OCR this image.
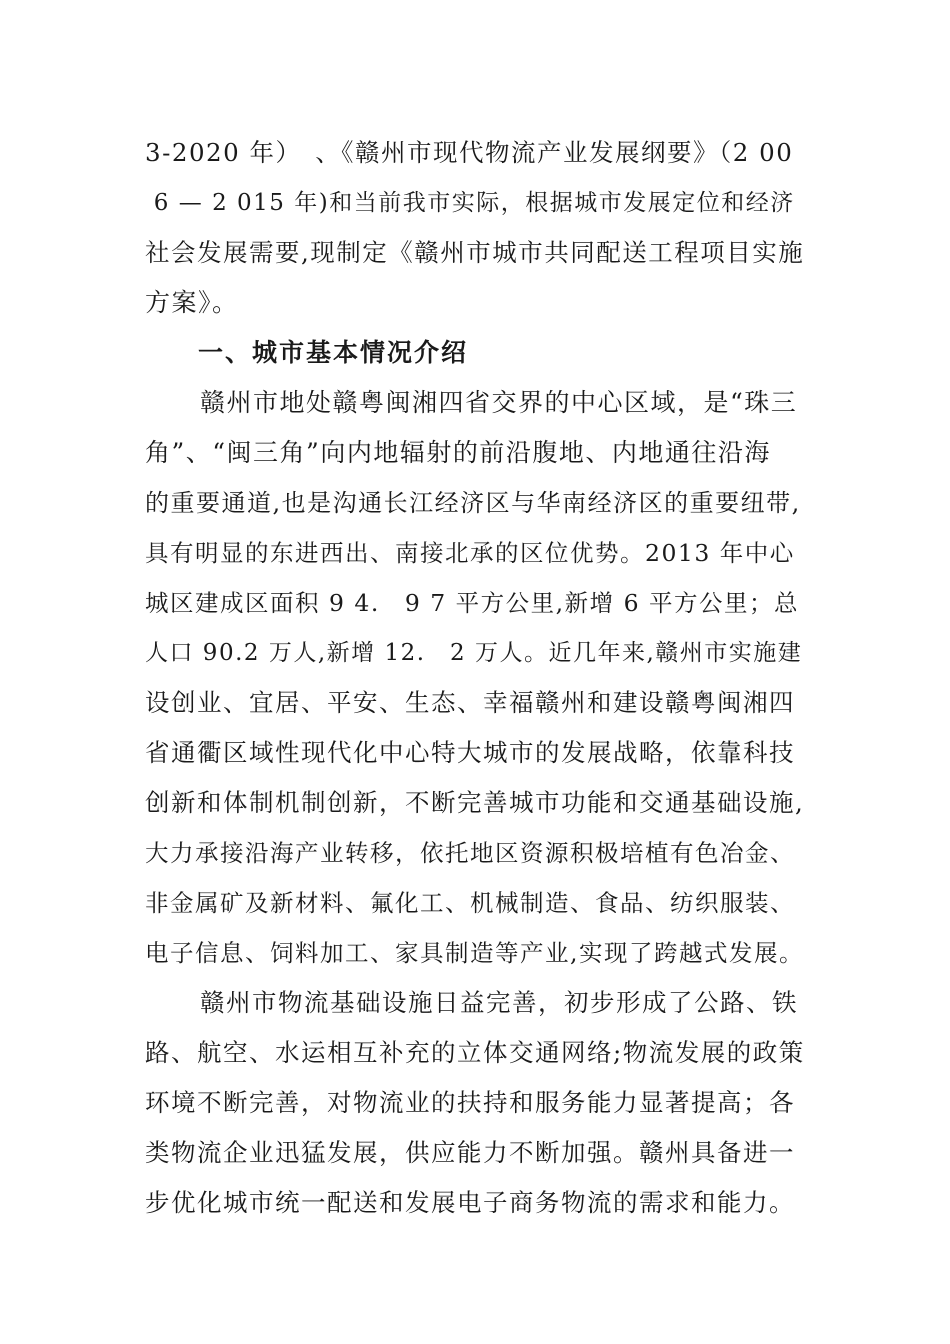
3-2020 年）　、《赣州市现代物流产业发展纲要》（2 00
6 — 2 015 年)和当前我市实际，根据城市发展定位和经济
社会发展需要,现制定《赣州市城市共同配送工程项目实施
方案》。
一、城市基本情况介绍
赣州市地处赣粤闽湘四省交界的中心区域，是“珠三
角”、“闽三角”向内地辐射的前沿腹地、内地通往沿海
的重要通道,也是沟通长江经济区与华南经济区的重要纽带,
具有明显的东进西出、南接北承的区位优势。2013 年中心
城区建成区面积 9 4.　9 7 平方公里,新增 6 平方公里；总
人口 90.2 万人,新增 12.　2 万人。近几年来,赣州市实施建
设创业、宜居、平安、生态、幸福赣州和建设赣粤闽湘四
省通衢区域性现代化中心特大城市的发展战略，依靠科技
创新和体制机制创新，不断完善城市功能和交通基础设施,
大力承接沿海产业转移，依托地区资源积极培植有色冶金、
非金属矿及新材料、氟化工、机械制造、食品、纺织服装、
电子信息、饲料加工、家具制造等产业,实现了跨越式发展。
赣州市物流基础设施日益完善，初步形成了公路、铁
路、航空、水运相互补充的立体交通网络;物流发展的政策
环境不断完善，对物流业的扶持和服务能力显著提高；各
类物流企业迅猛发展，供应能力不断加强。赣州具备进一
步优化城市统一配送和发展电子商务物流的需求和能力。
